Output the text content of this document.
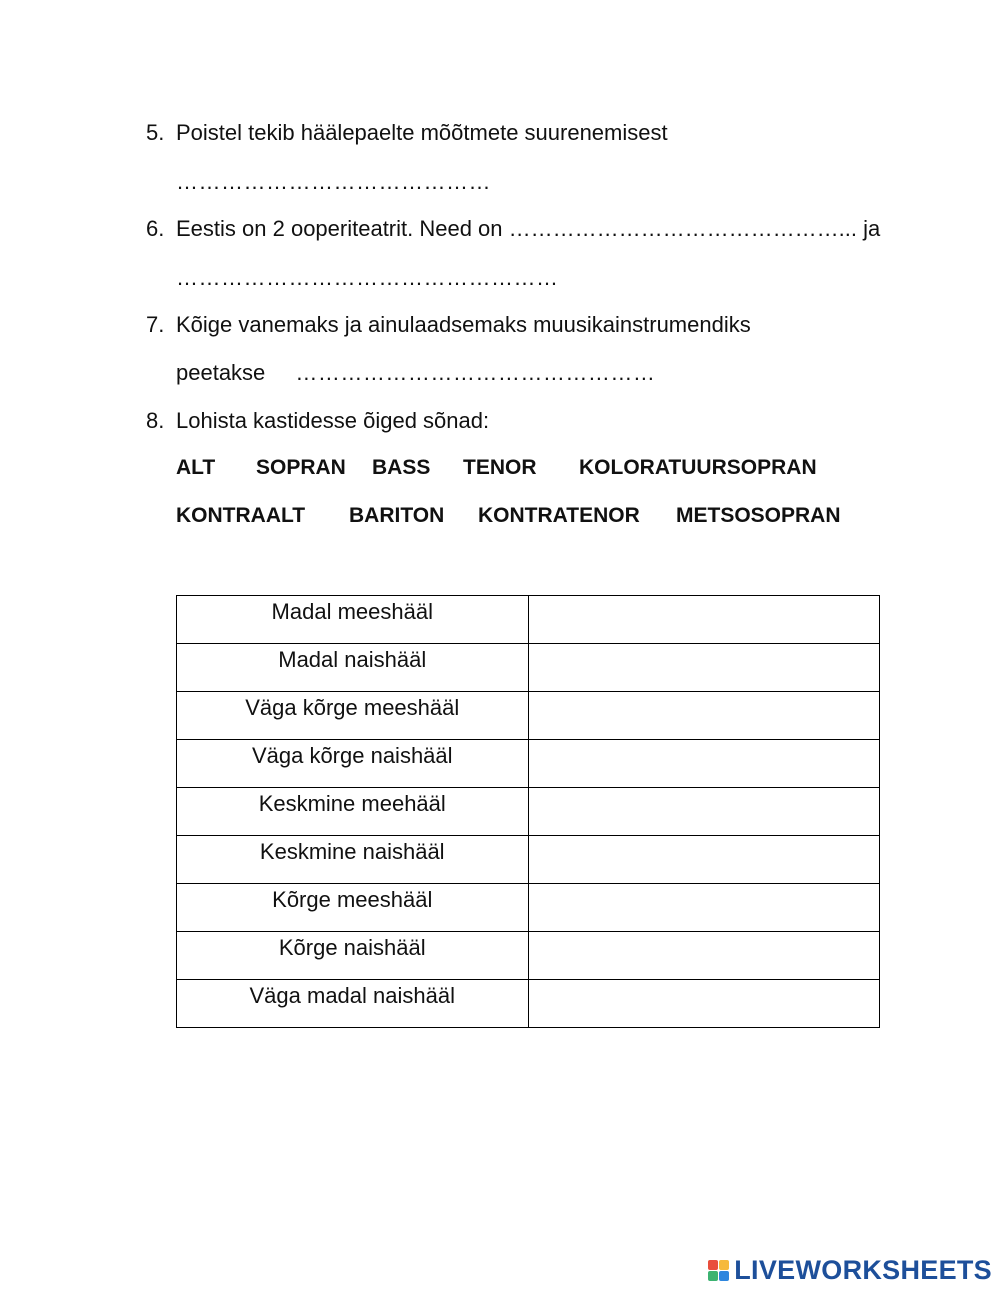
5. Poistel tekib häälepaelte mõõtmete suurenemisest
……………………………………
6. Eestis on 2 ooperiteatrit. Need on ………………………………………... ja
……………………………………………
7. Kõige vanemaks ja ainulaadsemaks muusikainstrumendiks
peetakse …………………………………………
8. Lohista kastidesse õiged sõnad:
ALT SOPRAN BASS TENOR KOLORATUURSOPRAN
KONTRAALT BARITON KONTRATENOR METSOSOPRAN
Madal meeshääl	
Madal naishääl	
Väga kõrge meeshääl	
Väga kõrge naishääl	
Keskmine meehääl	
Keskmine naishääl	
Kõrge meeshääl	
Kõrge naishääl	
Väga madal naishääl	
LIVEWORKSHEETS
